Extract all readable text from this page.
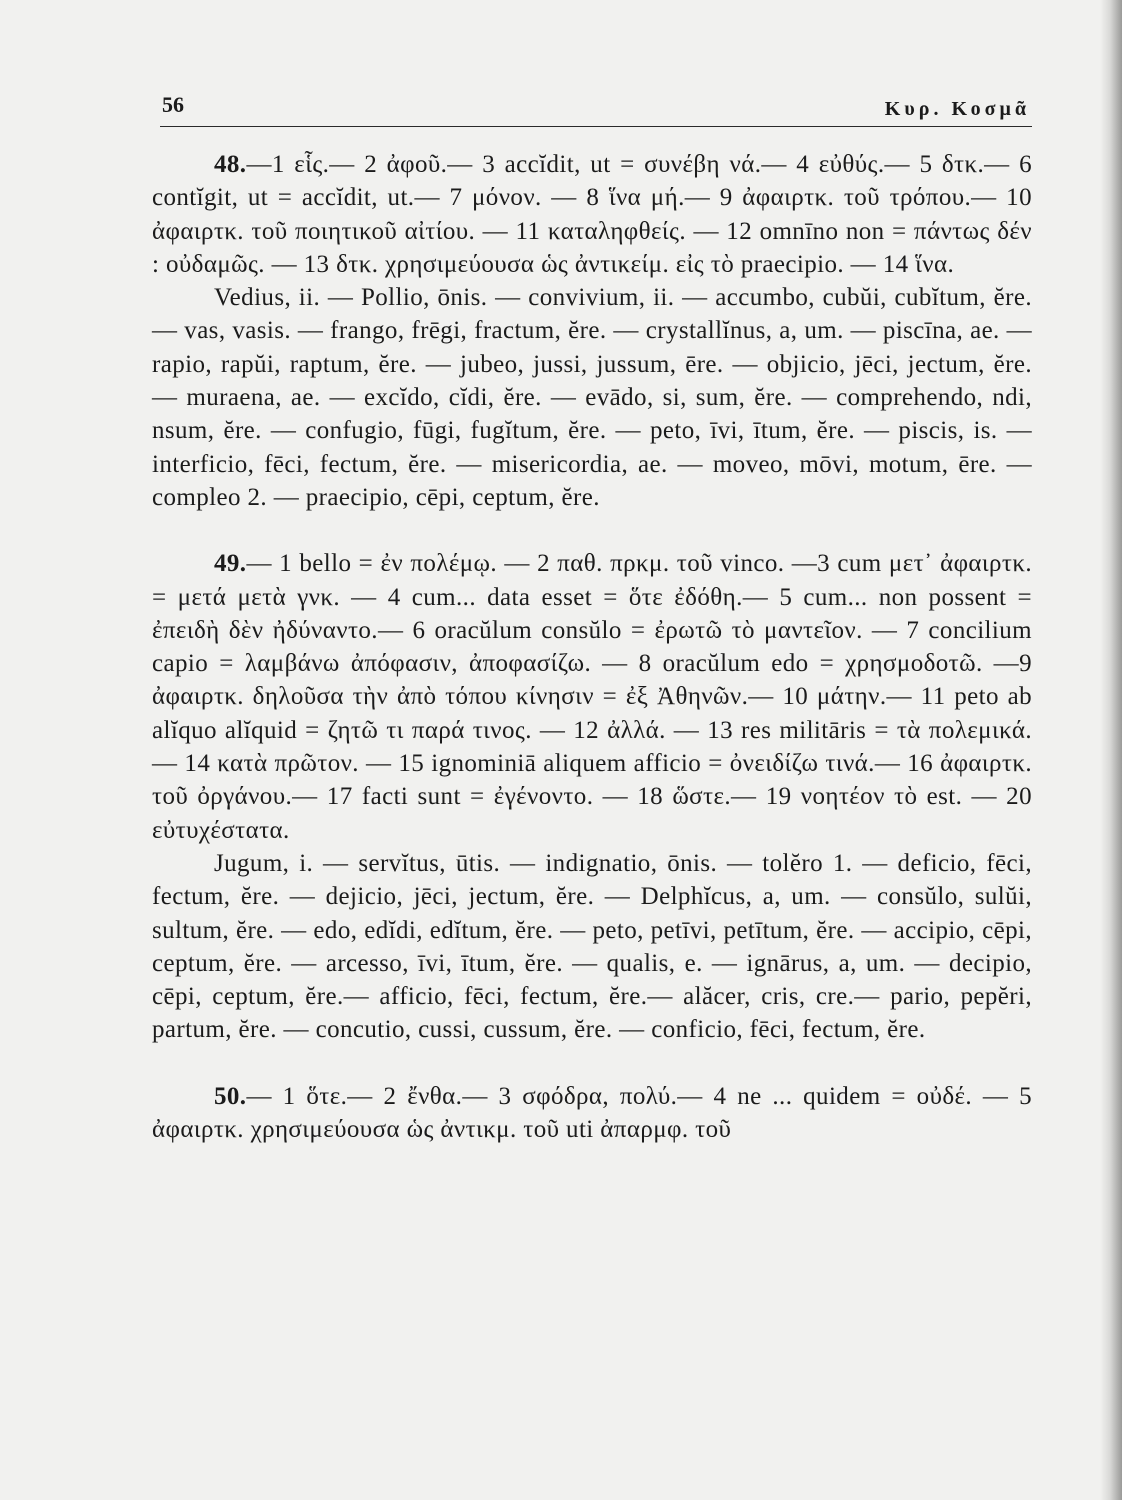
56	Κυρ. Κοσμᾶ

48.—1 εἷς.— 2 ἀφοῦ.— 3 accĭdit, ut = συνέβη νά.— 4 εὐθύς.— 5 δτκ.— 6 contĭgit, ut = accĭdit, ut.— 7 μόνον. — 8 ἵνα μή.— 9 ἀφαιρτκ. τοῦ τρόπου.— 10 ἀφαιρτκ. τοῦ ποιητικοῦ αἰτίου. — 11 καταληφθείς. — 12 omnīno non = πάντως δέν : οὐδαμῶς. — 13 δτκ. χρησιμεύουσα ὡς ἀντικείμ. εἰς τὸ praecipio. — 14 ἵνα.

Vedius, ii. — Pollio, ōnis. — convivium, ii. — accumbo, cubŭi, cubĭtum, ĕre. — vas, vasis. — frango, frēgi, fractum, ĕre. — crystallĭnus, a, um. — piscīna, ae. — rapio, rapŭi, raptum, ĕre. — jubeo, jussi, jussum, ēre. — objicio, jēci, jectum, ĕre. — muraena, ae. — excĭdo, cĭdi, ĕre. — evādo, si, sum, ĕre. — comprehendo, ndi, nsum, ĕre. — confugio, fūgi, fugĭtum, ĕre. — peto, īvi, ītum, ĕre. — piscis, is. — interficio, fēci, fectum, ĕre. — misericordia, ae. — moveo, mōvi, motum, ēre. — compleo 2. — praecipio, cēpi, ceptum, ĕre.

49.— 1 bello = ἐν πολέμῳ. — 2 παθ. πρκμ. τοῦ vinco. —3 cum μετ᾽ ἀφαιρτκ. = μετά μετὰ γνκ. — 4 cum... data esset = ὅτε ἐδόθη.— 5 cum... non possent = ἐπειδὴ δὲν ἠδύναντο.— 6 oracŭlum consŭlo = ἐρωτῶ τὸ μαντεῖον. — 7 concilium capio = λαμβάνω ἀπόφασιν, ἀποφασίζω. — 8 oracŭlum edo = χρησμοδοτῶ. —9 ἀφαιρτκ. δηλοῦσα τὴν ἀπὸ τόπου κίνησιν = ἐξ Ἀθηνῶν.— 10 μάτην.— 11 peto ab alĭquo alĭquid = ζητῶ τι παρά τινος. — 12 ἀλλά. — 13 res militāris = τὰ πολεμικά. — 14 κατὰ πρῶτον. — 15 ignominiā aliquem afficio = ὀνειδίζω τινά.— 16 ἀφαιρτκ. τοῦ ὀργάνου.— 17 facti sunt = ἐγένοντο. — 18 ὥστε.— 19 νοητέον τὸ est. — 20 εὐτυχέστατα.

Jugum, i. — servĭtus, ūtis. — indignatio, ōnis. — tolĕro 1. — deficio, fēci, fectum, ĕre. — dejicio, jēci, jectum, ĕre. — Delphĭcus, a, um. — consŭlo, sulŭi, sultum, ĕre. — edo, edĭdi, edĭtum, ĕre. — peto, petīvi, petītum, ĕre. — accipio, cēpi, ceptum, ĕre. — arcesso, īvi, ītum, ĕre. — qualis, e. — ignārus, a, um. — decipio, cēpi, ceptum, ĕre.— afficio, fēci, fectum, ĕre.— alăcer, cris, cre.— pario, pepĕri, partum, ĕre. — concutio, cussi, cussum, ĕre. — conficio, fēci, fectum, ĕre.

50.— 1 ὅτε.— 2 ἔνθα.— 3 σφόδρα, πολύ.— 4 ne ... quidem = οὐδέ. — 5 ἀφαιρτκ. χρησιμεύουσα ὡς ἀντικμ. τοῦ uti ἀπαρμφ. τοῦ
